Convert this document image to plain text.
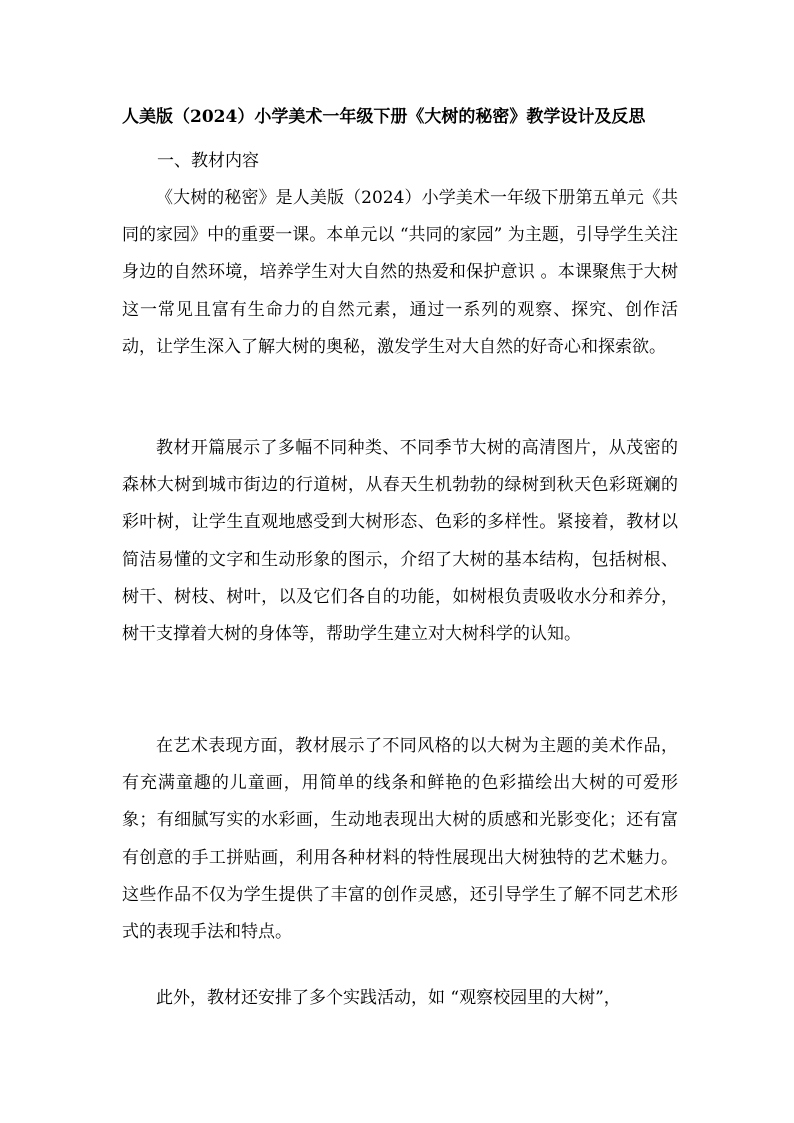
人美版（2024）小学美术一年级下册《大树的秘密》教学设计及反思
一、教材内容

《大树的秘密》是人美版（2024）小学美术一年级下册第五单元《共同的家园》中的重要一课。本单元以 “共同的家园” 为主题，引导学生关注身边的自然环境，培养学生对大自然的热爱和保护意识 。本课聚焦于大树这一常见且富有生命力的自然元素，通过一系列的观察、探究、创作活动，让学生深入了解大树的奥秘，激发学生对大自然的好奇心和探索欲。

教材开篇展示了多幅不同种类、不同季节大树的高清图片，从茂密的森林大树到城市街边的行道树，从春天生机勃勃的绿树到秋天色彩斑斓的彩叶树，让学生直观地感受到大树形态、色彩的多样性。紧接着，教材以简洁易懂的文字和生动形象的图示，介绍了大树的基本结构，包括树根、树干、树枝、树叶，以及它们各自的功能，如树根负责吸收水分和养分，树干支撑着大树的身体等，帮助学生建立对大树科学的认知。

在艺术表现方面，教材展示了不同风格的以大树为主题的美术作品，有充满童趣的儿童画，用简单的线条和鲜艳的色彩描绘出大树的可爱形象；有细腻写实的水彩画，生动地表现出大树的质感和光影变化；还有富有创意的手工拼贴画，利用各种材料的特性展现出大树独特的艺术魅力。这些作品不仅为学生提供了丰富的创作灵感，还引导学生了解不同艺术形式的表现手法和特点。

此外，教材还安排了多个实践活动，如 “观察校园里的大树”，
